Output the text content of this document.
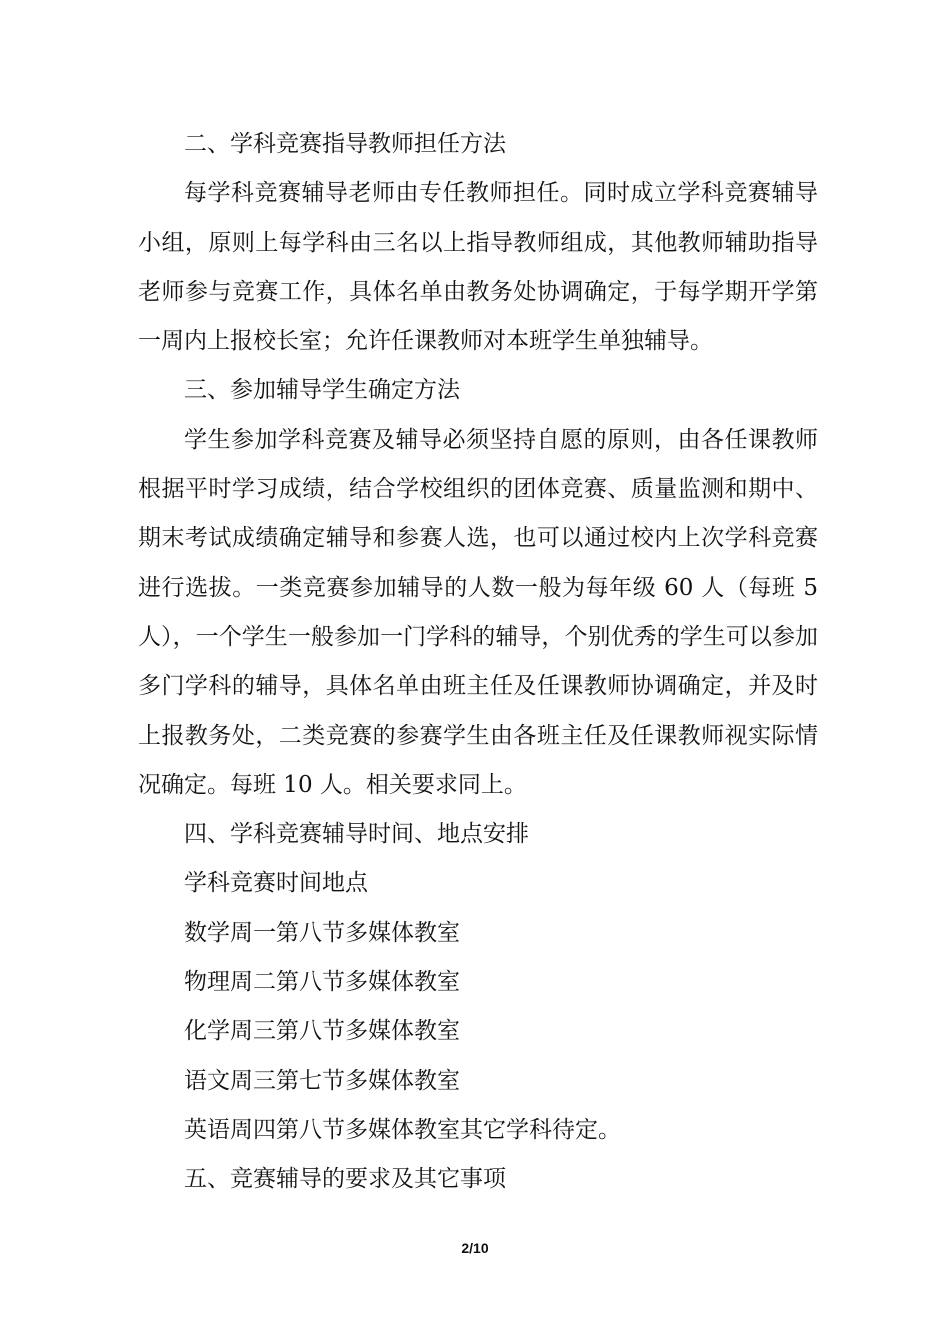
二、学科竞赛指导教师担任方法

每学科竞赛辅导老师由专任教师担任。同时成立学科竞赛辅导小组，原则上每学科由三名以上指导教师组成，其他教师辅助指导老师参与竞赛工作，具体名单由教务处协调确定，于每学期开学第一周内上报校长室；允许任课教师对本班学生单独辅导。

三、参加辅导学生确定方法

学生参加学科竞赛及辅导必须坚持自愿的原则，由各任课教师根据平时学习成绩，结合学校组织的团体竞赛、质量监测和期中、期末考试成绩确定辅导和参赛人选，也可以通过校内上次学科竞赛进行选拔。一类竞赛参加辅导的人数一般为每年级 60 人（每班 5 人），一个学生一般参加一门学科的辅导，个别优秀的学生可以参加多门学科的辅导，具体名单由班主任及任课教师协调确定，并及时上报教务处，二类竞赛的参赛学生由各班主任及任课教师视实际情况确定。每班 10 人。相关要求同上。

四、学科竞赛辅导时间、地点安排

学科竞赛时间地点

数学周一第八节多媒体教室

物理周二第八节多媒体教室

化学周三第八节多媒体教室

语文周三第七节多媒体教室

英语周四第八节多媒体教室其它学科待定。

五、竞赛辅导的要求及其它事项

2/10
